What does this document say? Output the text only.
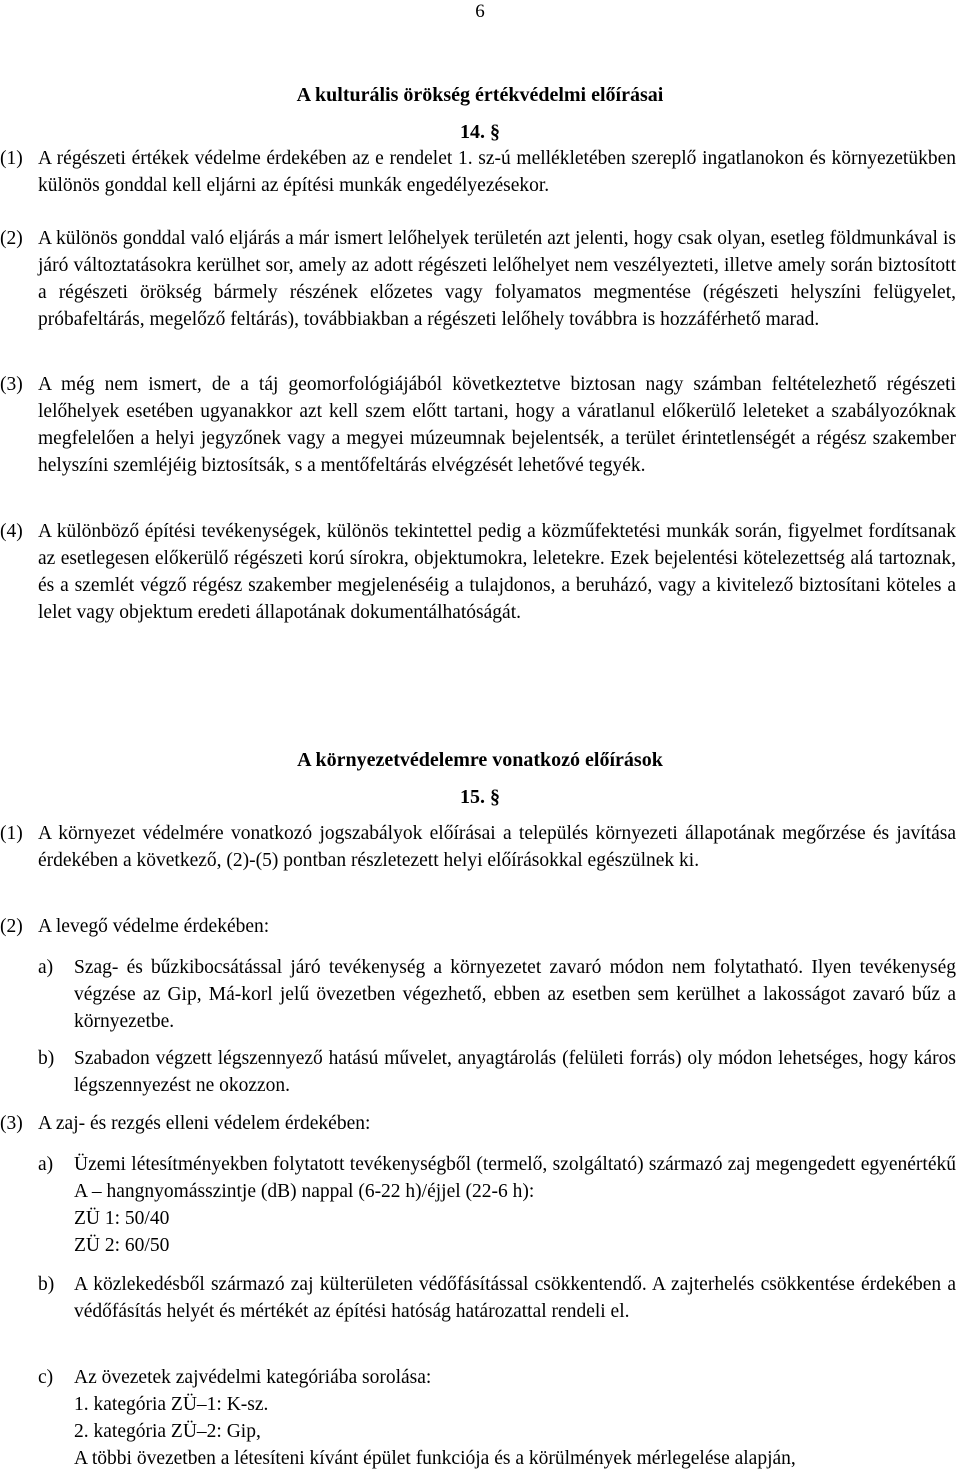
6
A kulturális örökség értékvédelmi előírásai
14. §
(1) A régészeti értékek védelme érdekében az e rendelet 1. sz-ú mellékletében szereplő ingatlanokon és környezetükben különös gonddal kell eljárni az építési munkák engedélyezésekor.
(2) A különös gonddal való eljárás a már ismert lelőhelyek területén azt jelenti, hogy csak olyan, esetleg földmunkával is járó változtatásokra kerülhet sor, amely az adott régészeti lelőhelyet nem veszélyezteti, illetve amely során biztosított a régészeti örökség bármely részének előzetes vagy folyamatos megmentése (régészeti helyszíni felügyelet, próbafeltárás, megelőző feltárás), továbbiakban a régészeti lelőhely továbbra is hozzáférhető marad.
(3) A még nem ismert, de a táj geomorfológiájából következtetve biztosan nagy számban feltételezhető régészeti lelőhelyek esetében ugyanakkor azt kell szem előtt tartani, hogy a váratlanul előkerülő leleteket a szabályozóknak megfelelően a helyi jegyzőnek vagy a megyei múzeumnak bejelentsék, a terület érintetlenségét a régész szakember helyszíni szemléjéig biztosítsák, s a mentőfeltárás elvégzését lehetővé tegyék.
(4) A különböző építési tevékenységek, különös tekintettel pedig a közműfektetési munkák során, figyelmet fordítsanak az esetlegesen előkerülő régészeti korú sírokra, objektumokra, leletekre. Ezek bejelentési kötelezettség alá tartoznak, és a szemlét végző régész szakember megjelenéséig a tulajdonos, a beruházó, vagy a kivitelező biztosítani köteles a lelet vagy objektum eredeti állapotának dokumentálhatóságát.
A környezetvédelemre vonatkozó előírások
15. §
(1) A környezet védelmére vonatkozó jogszabályok előírásai a település környezeti állapotának megőrzése és javítása érdekében a következő, (2)-(5) pontban részletezett helyi előírásokkal egészülnek ki.
(2) A levegő védelme érdekében:
a)	Szag- és bűzkibocsátással járó tevékenység a környezetet zavaró módon nem folytatható. Ilyen tevékenység végzése az Gip, Má-korl jelű övezetben végezhető, ebben az esetben sem kerülhet a lakosságot zavaró bűz a környezetbe.
b)	Szabadon végzett légszennyező hatású művelet, anyagtárolás (felületi forrás) oly módon lehetséges, hogy káros légszennyezést ne okozzon.
(3) A zaj- és rezgés elleni védelem érdekében:
a)	Üzemi létesítményekben folytatott tevékenységből (termelő, szolgáltató) származó zaj megengedett egyenértékű A – hangnyomásszintje (dB) nappal (6-22 h)/éjjel (22-6 h):
ZÜ 1: 50/40
ZÜ 2: 60/50
b)	A közlekedésből származó zaj külterületen védőfásítással csökkentendő. A zajterhelés csökkentése érdekében a védőfásítás helyét és mértékét az építési hatóság határozattal rendeli el.
c)	Az övezetek zajvédelmi kategóriába sorolása:
1. kategória ZÜ–1: K-sz.
2. kategória ZÜ–2: Gip,
A többi övezetben a létesíteni kívánt épület funkciója és a körülmények mérlegelése alapján,
